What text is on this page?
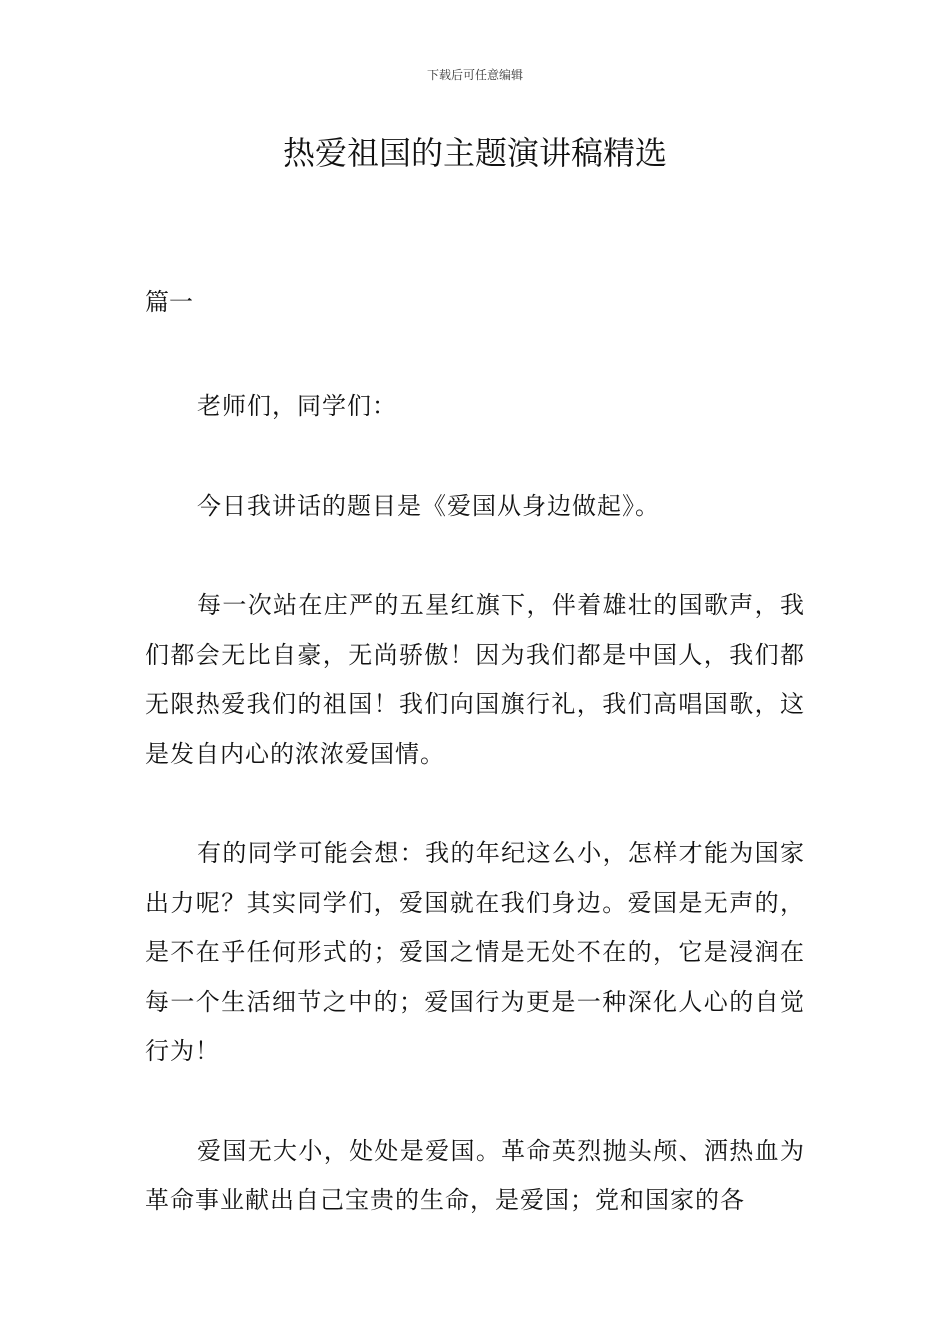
下载后可任意编辑
热爱祖国的主题演讲稿精选
篇一

老师们，同学们：

今日我讲话的题目是《爱国从身边做起》。

每一次站在庄严的五星红旗下，伴着雄壮的国歌声，我们都会无比自豪，无尚骄傲！因为我们都是中国人，我们都无限热爱我们的祖国！我们向国旗行礼，我们高唱国歌，这是发自内心的浓浓爱国情。

有的同学可能会想：我的年纪这么小，怎样才能为国家出力呢？其实同学们，爱国就在我们身边。爱国是无声的，是不在乎任何形式的；爱国之情是无处不在的，它是浸润在每一个生活细节之中的；爱国行为更是一种深化人心的自觉行为！

爱国无大小，处处是爱国。革命英烈抛头颅、洒热血为革命事业献出自己宝贵的生命，是爱国；党和国家的各
